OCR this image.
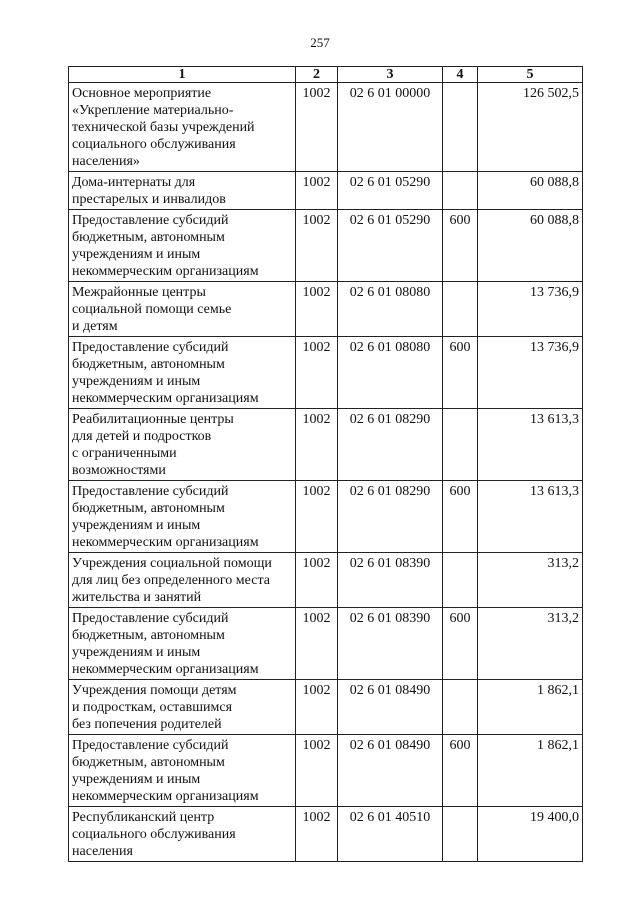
257
1	2	3	4	5
Основное мероприятие
«Укрепление материально-
технической базы учреждений
социального обслуживания
населения»	1002	02 6 01 00000		126 502,5
Дома-интернаты для
престарелых и инвалидов	1002	02 6 01 05290		60 088,8
Предоставление субсидий
бюджетным, автономным
учреждениям и иным
некоммерческим организациям	1002	02 6 01 05290	600	60 088,8
Межрайонные центры
социальной помощи семье
и детям	1002	02 6 01 08080		13 736,9
Предоставление субсидий
бюджетным, автономным
учреждениям и иным
некоммерческим организациям	1002	02 6 01 08080	600	13 736,9
Реабилитационные центры
для детей и подростков
с ограниченными
возможностями	1002	02 6 01 08290		13 613,3
Предоставление субсидий
бюджетным, автономным
учреждениям и иным
некоммерческим организациям	1002	02 6 01 08290	600	13 613,3
Учреждения социальной помощи
для лиц без определенного места
жительства и занятий	1002	02 6 01 08390		313,2
Предоставление субсидий
бюджетным, автономным
учреждениям и иным
некоммерческим организациям	1002	02 6 01 08390	600	313,2
Учреждения помощи детям
и подросткам, оставшимся
без попечения родителей	1002	02 6 01 08490		1 862,1
Предоставление субсидий
бюджетным, автономным
учреждениям и иным
некоммерческим организациям	1002	02 6 01 08490	600	1 862,1
Республиканский центр
социального обслуживания
населения	1002	02 6 01 40510		19 400,0
